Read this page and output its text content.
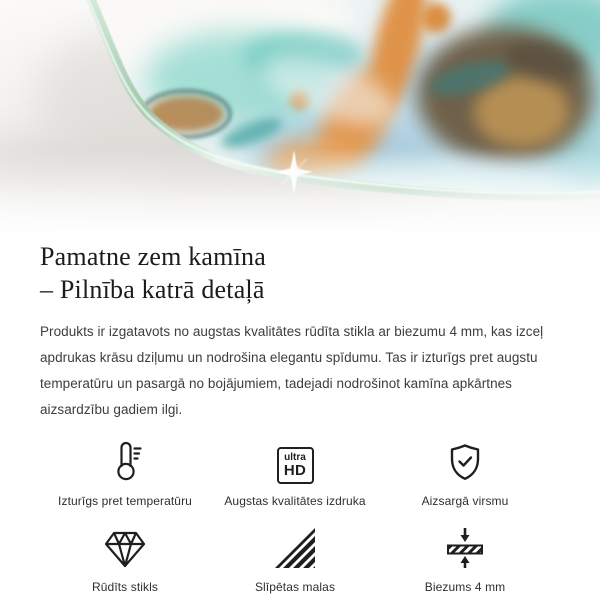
Pamatne zem kamīna
– Pilnība katrā detaļā

Produkts ir izgatavots no augstas kvalitātes rūdīta stikla ar biezumu 4 mm, kas izceļ apdrukas krāsu dziļumu un nodrošina elegantu spīdumu. Tas ir izturīgs pret augstu temperatūru un pasargā no bojājumiem, tadejadi nodrošinot kamīna apkārtnes aizsardzību gadiem ilgi.

Izturīgs pret temperatūru
ultra
HD
Augstas kvalitātes izdruka	Aizsargā virsmu
Rūdīts stikls	Slīpētas malas	Biezums 4 mm
